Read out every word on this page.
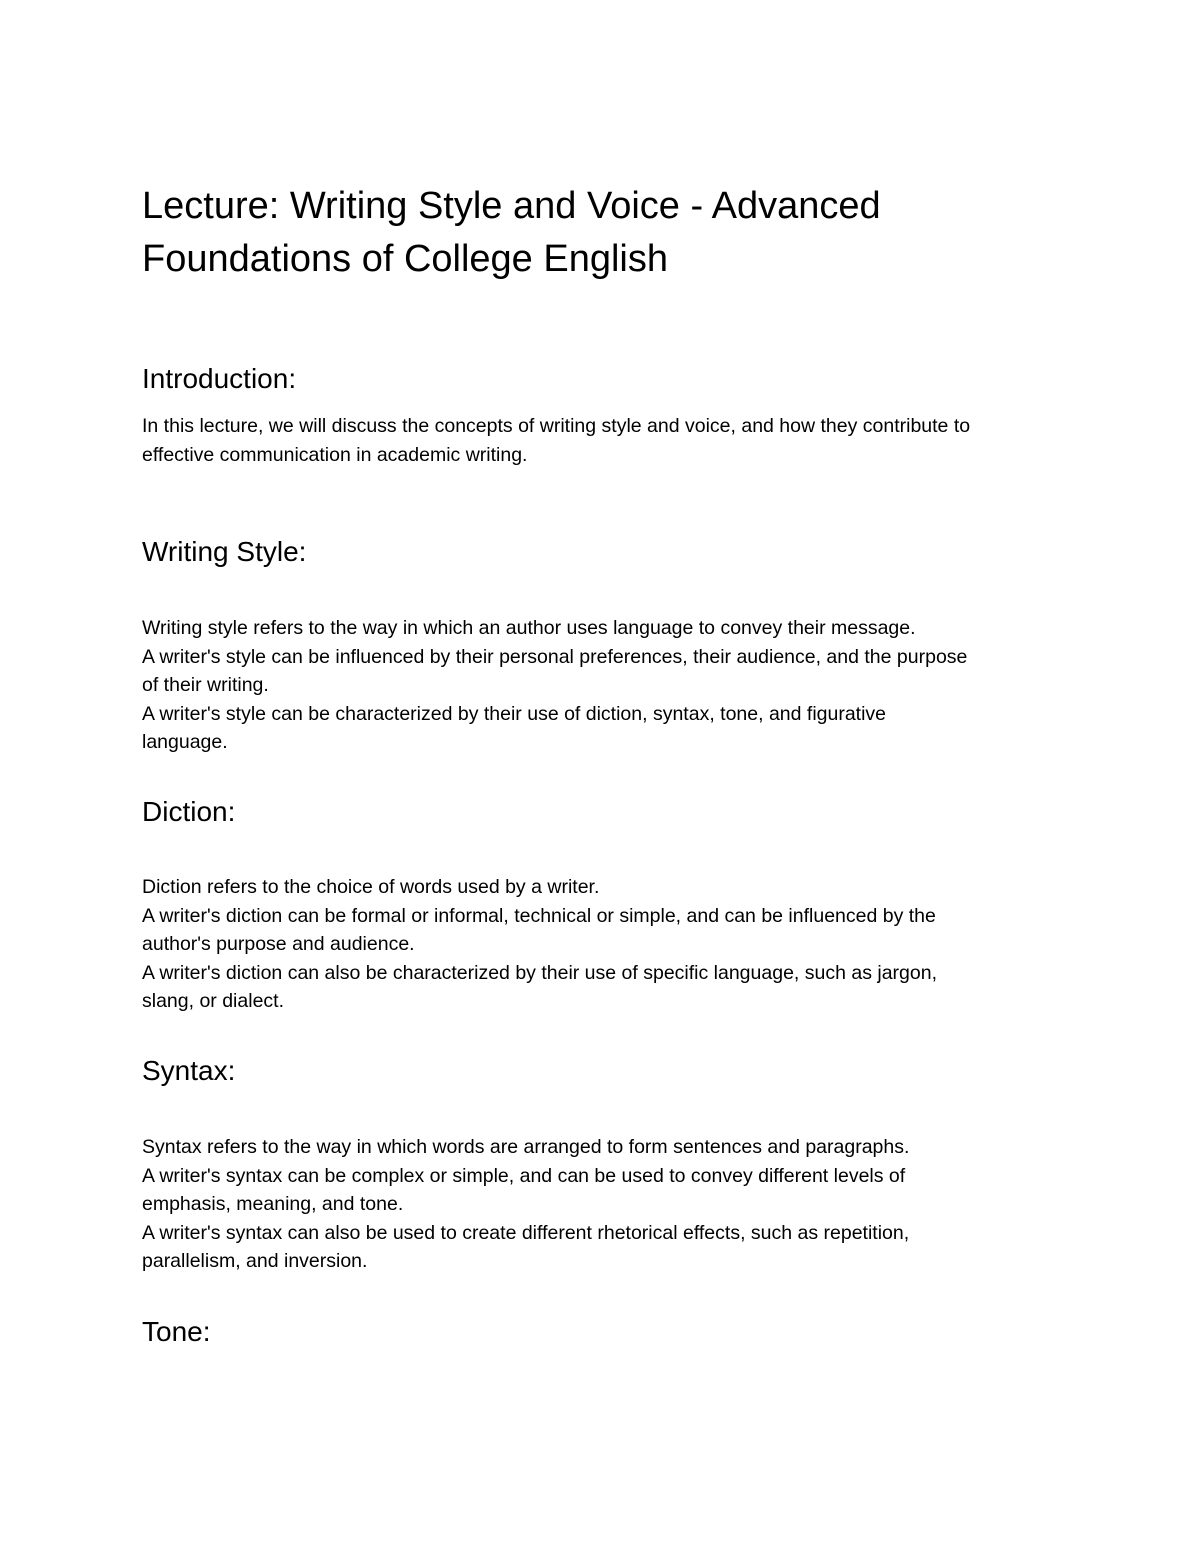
Lecture: Writing Style and Voice - Advanced
Foundations of College English
Introduction:

In this lecture, we will discuss the concepts of writing style and voice, and how they contribute to
effective communication in academic writing.

Writing Style:

Writing style refers to the way in which an author uses language to convey their message.
A writer's style can be influenced by their personal preferences, their audience, and the purpose
of their writing.
A writer's style can be characterized by their use of diction, syntax, tone, and figurative
language.

Diction:

Diction refers to the choice of words used by a writer.
A writer's diction can be formal or informal, technical or simple, and can be influenced by the
author's purpose and audience.
A writer's diction can also be characterized by their use of specific language, such as jargon,
slang, or dialect.

Syntax:

Syntax refers to the way in which words are arranged to form sentences and paragraphs.
A writer's syntax can be complex or simple, and can be used to convey different levels of
emphasis, meaning, and tone.
A writer's syntax can also be used to create different rhetorical effects, such as repetition,
parallelism, and inversion.

Tone:
